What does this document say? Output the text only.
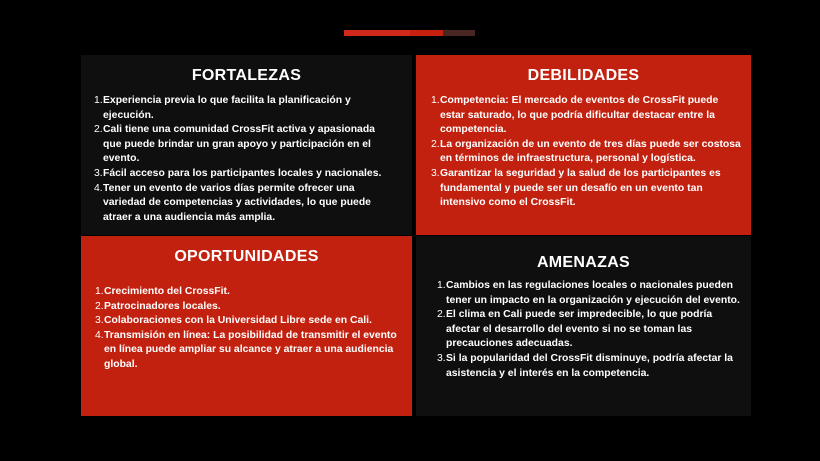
FORTALEZAS
1. Experiencia previa lo que facilita la planificación y ejecución.
2. Cali tiene una comunidad CrossFit activa y apasionada que puede brindar un gran apoyo y participación en el evento.
3. Fácil acceso para los participantes locales y nacionales.
4. Tener un evento de varios días permite ofrecer una variedad de competencias y actividades, lo que puede atraer a una audiencia más amplia.
DEBILIDADES
1. Competencia: El mercado de eventos de CrossFit puede estar saturado, lo que podría dificultar destacar entre la competencia.
2. La organización de un evento de tres días puede ser costosa en términos de infraestructura, personal y logística.
3. Garantizar la seguridad y la salud de los participantes es fundamental y puede ser un desafío en un evento tan intensivo como el CrossFit.
OPORTUNIDADES
1. Crecimiento del CrossFit.
2. Patrocinadores locales.
3. Colaboraciones con la Universidad Libre sede en Cali.
4. Transmisión en línea: La posibilidad de transmitir el evento en línea puede ampliar su alcance y atraer a una audiencia global.
AMENAZAS
1. Cambios en las regulaciones locales o nacionales pueden tener un impacto en la organización y ejecución del evento.
2. El clima en Cali puede ser impredecible, lo que podría afectar el desarrollo del evento si no se toman las precauciones adecuadas.
3. Si la popularidad del CrossFit disminuye, podría afectar la asistencia y el interés en la competencia.
